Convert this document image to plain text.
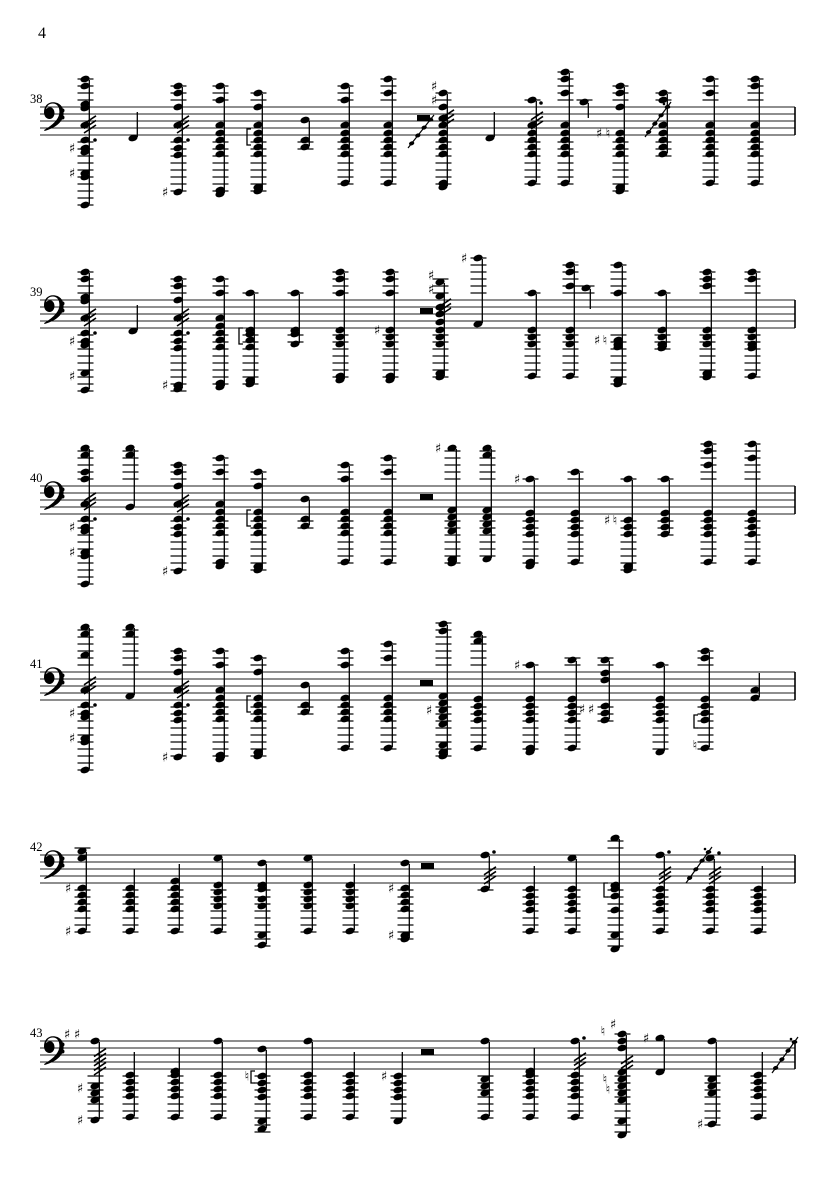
4
38
♯
♯
♯
♯
♯
♯ ♮
39
♯
♯
♯
♯
♯
♯
♯
♯ ♮
40
♯
♯
♯
♯
♯
♯ ♮
41
♯
♯
♯
♯
♯
♯ ♯
♮
42
♯
♯
♯
♯
43 ♯ ♯
♯
♯
♮	♯
♮ ♯
♮
♮
♯
♯
